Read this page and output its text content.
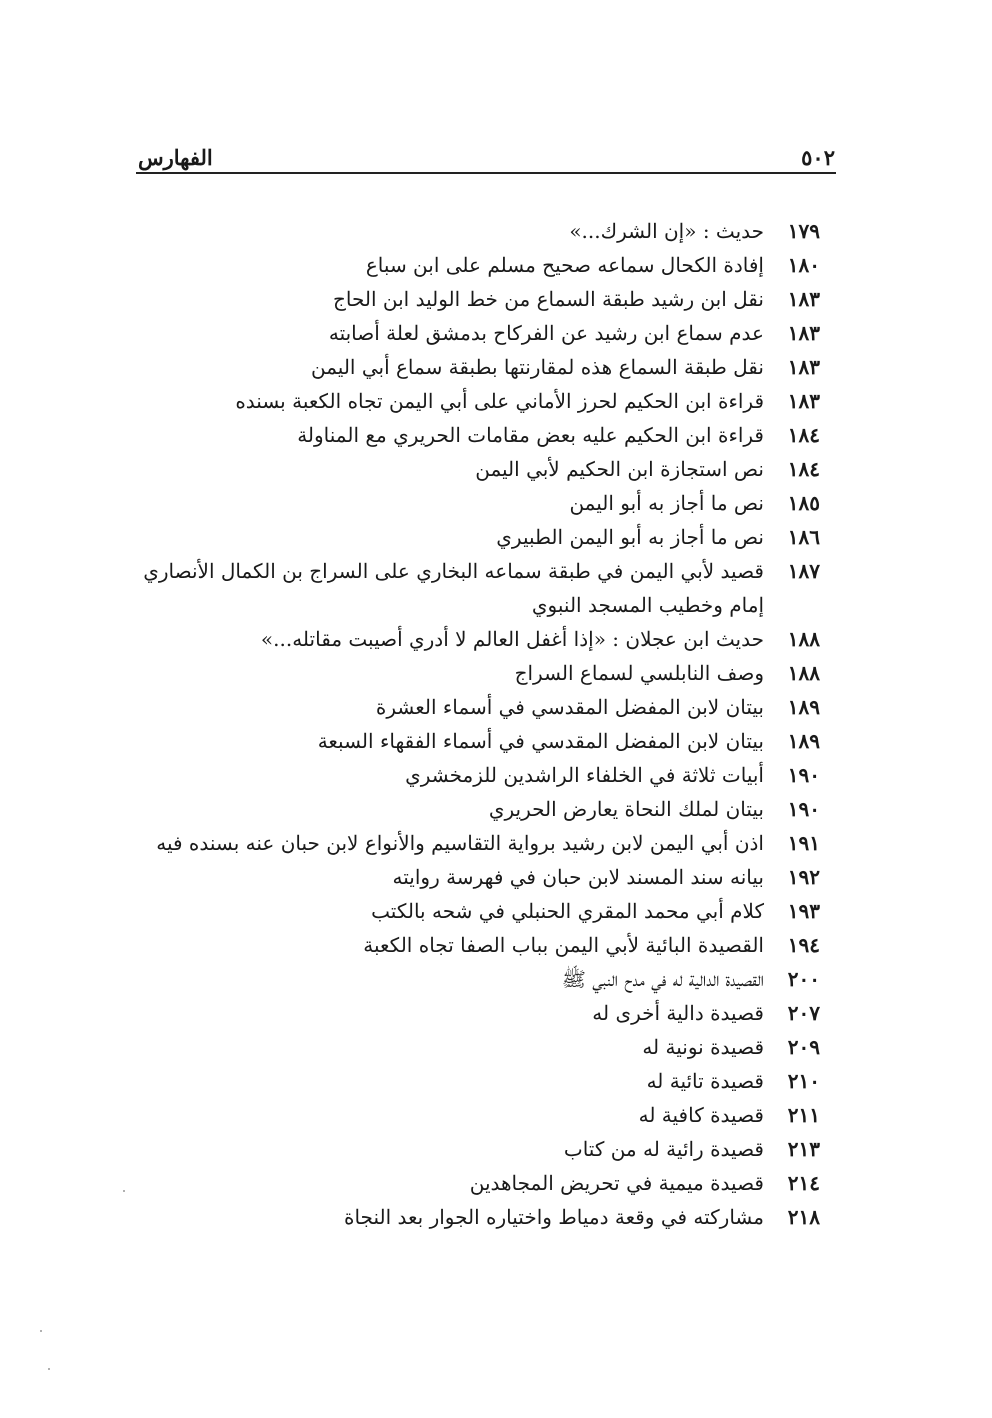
٥٠٢
الفهارس
١٧٩
حديث : «إن الشرك...»
١٨٠
إفادة الكحال سماعه صحيح مسلم على ابن سباع
١٨٣
نقل ابن رشيد طبقة السماع من خط الوليد ابن الحاج
١٨٣
عدم سماع ابن رشيد عن الفركاح بدمشق لعلة أصابته
١٨٣
نقل طبقة السماع هذه لمقارنتها بطبقة سماع أبي اليمن
١٨٣
قراءة ابن الحكيم لحرز الأماني على أبي اليمن تجاه الكعبة بسنده
١٨٤
قراءة ابن الحكيم عليه بعض مقامات الحريري مع المناولة
١٨٤
نص استجازة ابن الحكيم لأبي اليمن
١٨٥
نص ما أجاز به أبو اليمن
١٨٦
نص ما أجاز به أبو اليمن الطبيري
١٨٧
قصيد لأبي اليمن في طبقة سماعه البخاري على السراج بن الكمال الأنصاري إمام وخطيب المسجد النبوي
١٨٨
حديث ابن عجلان : «إذا أغفل العالم لا أدري أصيبت مقاتله...»
١٨٨
وصف النابلسي لسماع السراج
١٨٩
بيتان لابن المفضل المقدسي في أسماء العشرة
١٨٩
بيتان لابن المفضل المقدسي في أسماء الفقهاء السبعة
١٩٠
أبيات ثلاثة في الخلفاء الراشدين للزمخشري
١٩٠
بيتان لملك النحاة يعارض الحريري
١٩١
اذن أبي اليمن لابن رشيد برواية التقاسيم والأنواع لابن حبان عنه بسنده فيه
١٩٢
بيانه سند المسند لابن حبان في فهرسة روايته
١٩٣
كلام أبي محمد المقري الحنبلي في شحه بالكتب
١٩٤
القصيدة البائية لأبي اليمن بباب الصفا تجاه الكعبة
٢٠٠
القصيدة الدالية له في مدح النبي ﷺ
٢٠٧
قصيدة دالية أخرى له
٢٠٩
قصيدة نونية له
٢١٠
قصيدة تائية له
٢١١
قصيدة كافية له
٢١٣
قصيدة رائية له من كتاب
٢١٤
قصيدة ميمية في تحريض المجاهدين
٢١٨
مشاركته في وقعة دمياط واختياره الجوار بعد النجاة
